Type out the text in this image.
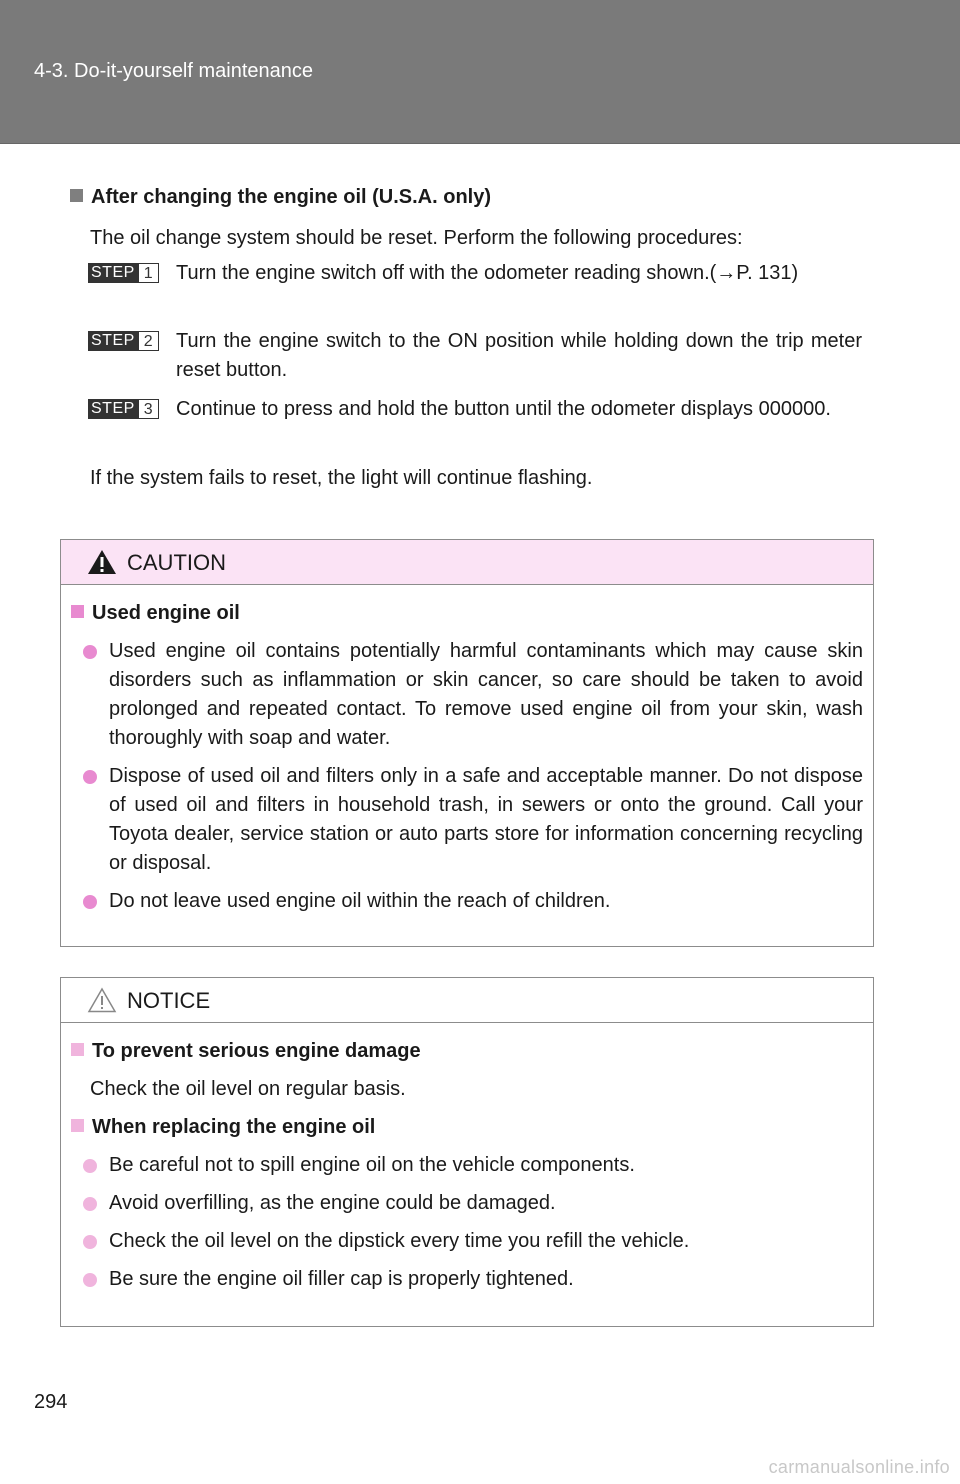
4-3. Do-it-yourself maintenance
After changing the engine oil (U.S.A. only)
The oil change system should be reset. Perform the following procedures:
STEP 1	Turn the engine switch off with the odometer reading shown.(→P. 131)
STEP 2	Turn the engine switch to the ON position while holding down the trip meter reset button.
STEP 3	Continue to press and hold the button until the odometer displays 000000.
If the system fails to reset, the light will continue flashing.
CAUTION
Used engine oil
Used engine oil contains potentially harmful contaminants which may cause skin disorders such as inflammation or skin cancer, so care should be taken to avoid prolonged and repeated contact. To remove used engine oil from your skin, wash thoroughly with soap and water.
Dispose of used oil and filters only in a safe and acceptable manner. Do not dispose of used oil and filters in household trash, in sewers or onto the ground. Call your Toyota dealer, service station or auto parts store for information concerning recycling or disposal.
Do not leave used engine oil within the reach of children.
NOTICE
To prevent serious engine damage
Check the oil level on regular basis.
When replacing the engine oil
Be careful not to spill engine oil on the vehicle components.
Avoid overfilling, as the engine could be damaged.
Check the oil level on the dipstick every time you refill the vehicle.
Be sure the engine oil filler cap is properly tightened.
294
carmanualsonline.info
